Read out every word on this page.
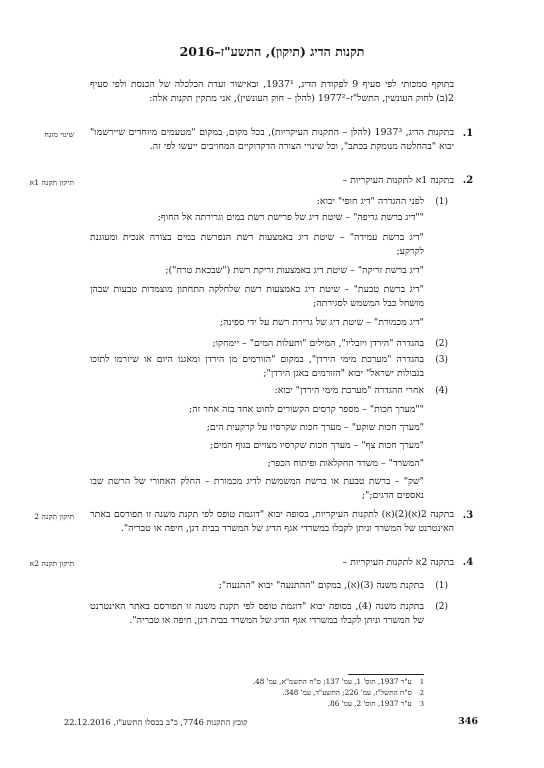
תקנות הדיג (תיקון), התשע"ז–2016
בתוקף סמכותי לפי סעיף 9 לפקודת הדיג, 1937¹, ובאישור ועדת הכלכלה של הכנסת ולפי סעיף 2(ב) לחוק העונשין, התשל"ז–1977² (להלן – חוק העונשין), אני מתקין תקנות אלה:
שינוי מונח	.1
בתקנות הדיג, 1937³ (להלן – התקנות העיקריות), בכל מקום, במקום "מטעמים מיוחדים שיירשמו" יבוא "בהחלטה מנומקת בכתב", וכל שינויי הצורה הדקדוקיים המחויבים ייעשו לפי זה.
תיקון תקנה 1א	.2
בתקנה 1א לתקנות העיקריות –
(1)
לפני ההגדרה "דיג חופי" יבוא:
""דיג ברשת גריפה" – שיטת דיג של פרישת רשת במים וגרירתה אל החוף;
"דיג ברשת עמידה" – שיטת דיג באמצעות רשת הנפרשת במים בצורה אנכית ומעוגנת לקרקע;
"דיג ברשת זריקה" – שיטת דיג באמצעות זריקת רשת ("שבכאת טרח");
"דיג ברשת טבעת" – שיטת דיג באמצעות רשת שלחלקה התחתון מוצמדות טבעות שבהן מושחל כבל המשמש לסגירתה;
"דיג מכמורת" – שיטת דיג של גרירת רשת על ידי ספינה;
(2)
בהגדרה "הירדן ויובליו", המילים "ותעלות המים" – יימחקו;
(3)
בהגדרה "מערכת מימי הירדן", במקום "הזורמים מן הירדן ומאגנו היום או שיזרמו לתוכו בגבולות ישראל" יבוא "הזורמים באגן הירדן";
(4)
אחרי ההגדרה "מערכת מימי הירדן" יבוא:
""מערך חכות" – מספר קרסים הקשורים לחוט אחד בזה אחר זה;
"מערך חכות שוקע" – מערך חכות שקרסיו על קרקעית הים;
"מערך חכות צף" – מערך חכות שקרסיו מצויים בגוף המים;
"המשרד" – משרד החקלאות ופיתוח הכפר;
"שק" – ברשת טבעת או ברשת המשמשת לדיג מכמורת – החלק האחורי של הרשת שבו נאספים הדגים;";
תיקון תקנה 2	.3
בתקנה 2(א)(2)(א) לתקנות העיקריות, בסופה יבוא "דוגמת טופס לפי תקנת משנה זו תפורסם באתר האינטרנט של המשרד וניתן לקבלו במשרדי אגף הדיג של המשרד בבית דגן, חיפה או טבריה".
תיקון תקנה 2א	.4
בתקנה 2א לתקנות העיקריות –
(1)
בתקנת משנה (3)(א), במקום "ההתנעה" יבוא "ההנעה";
(2)
בתקנת משנה (4), בסופה יבוא "דוגמת טופס לפי תקנת משנה זו תפורסם באתר האינטרנט של המשרד וניתן לקבלו במשרדי אגף הדיג של המשרד בבית דגן, חיפה או טבריה".
1 ע"ר 1937, תוס' 1, עמ' 137; ס"ח התשמ"א, עמ' 48.
2 ס"ח התשל"ז, עמ' 226; התשע"ד, עמ' 348.
3 ע"ר 1937, תוס' 2, עמ' 86.
346
קובץ התקנות 7746, כ"ב בכסלו התשע"ז, 22.12.2016
